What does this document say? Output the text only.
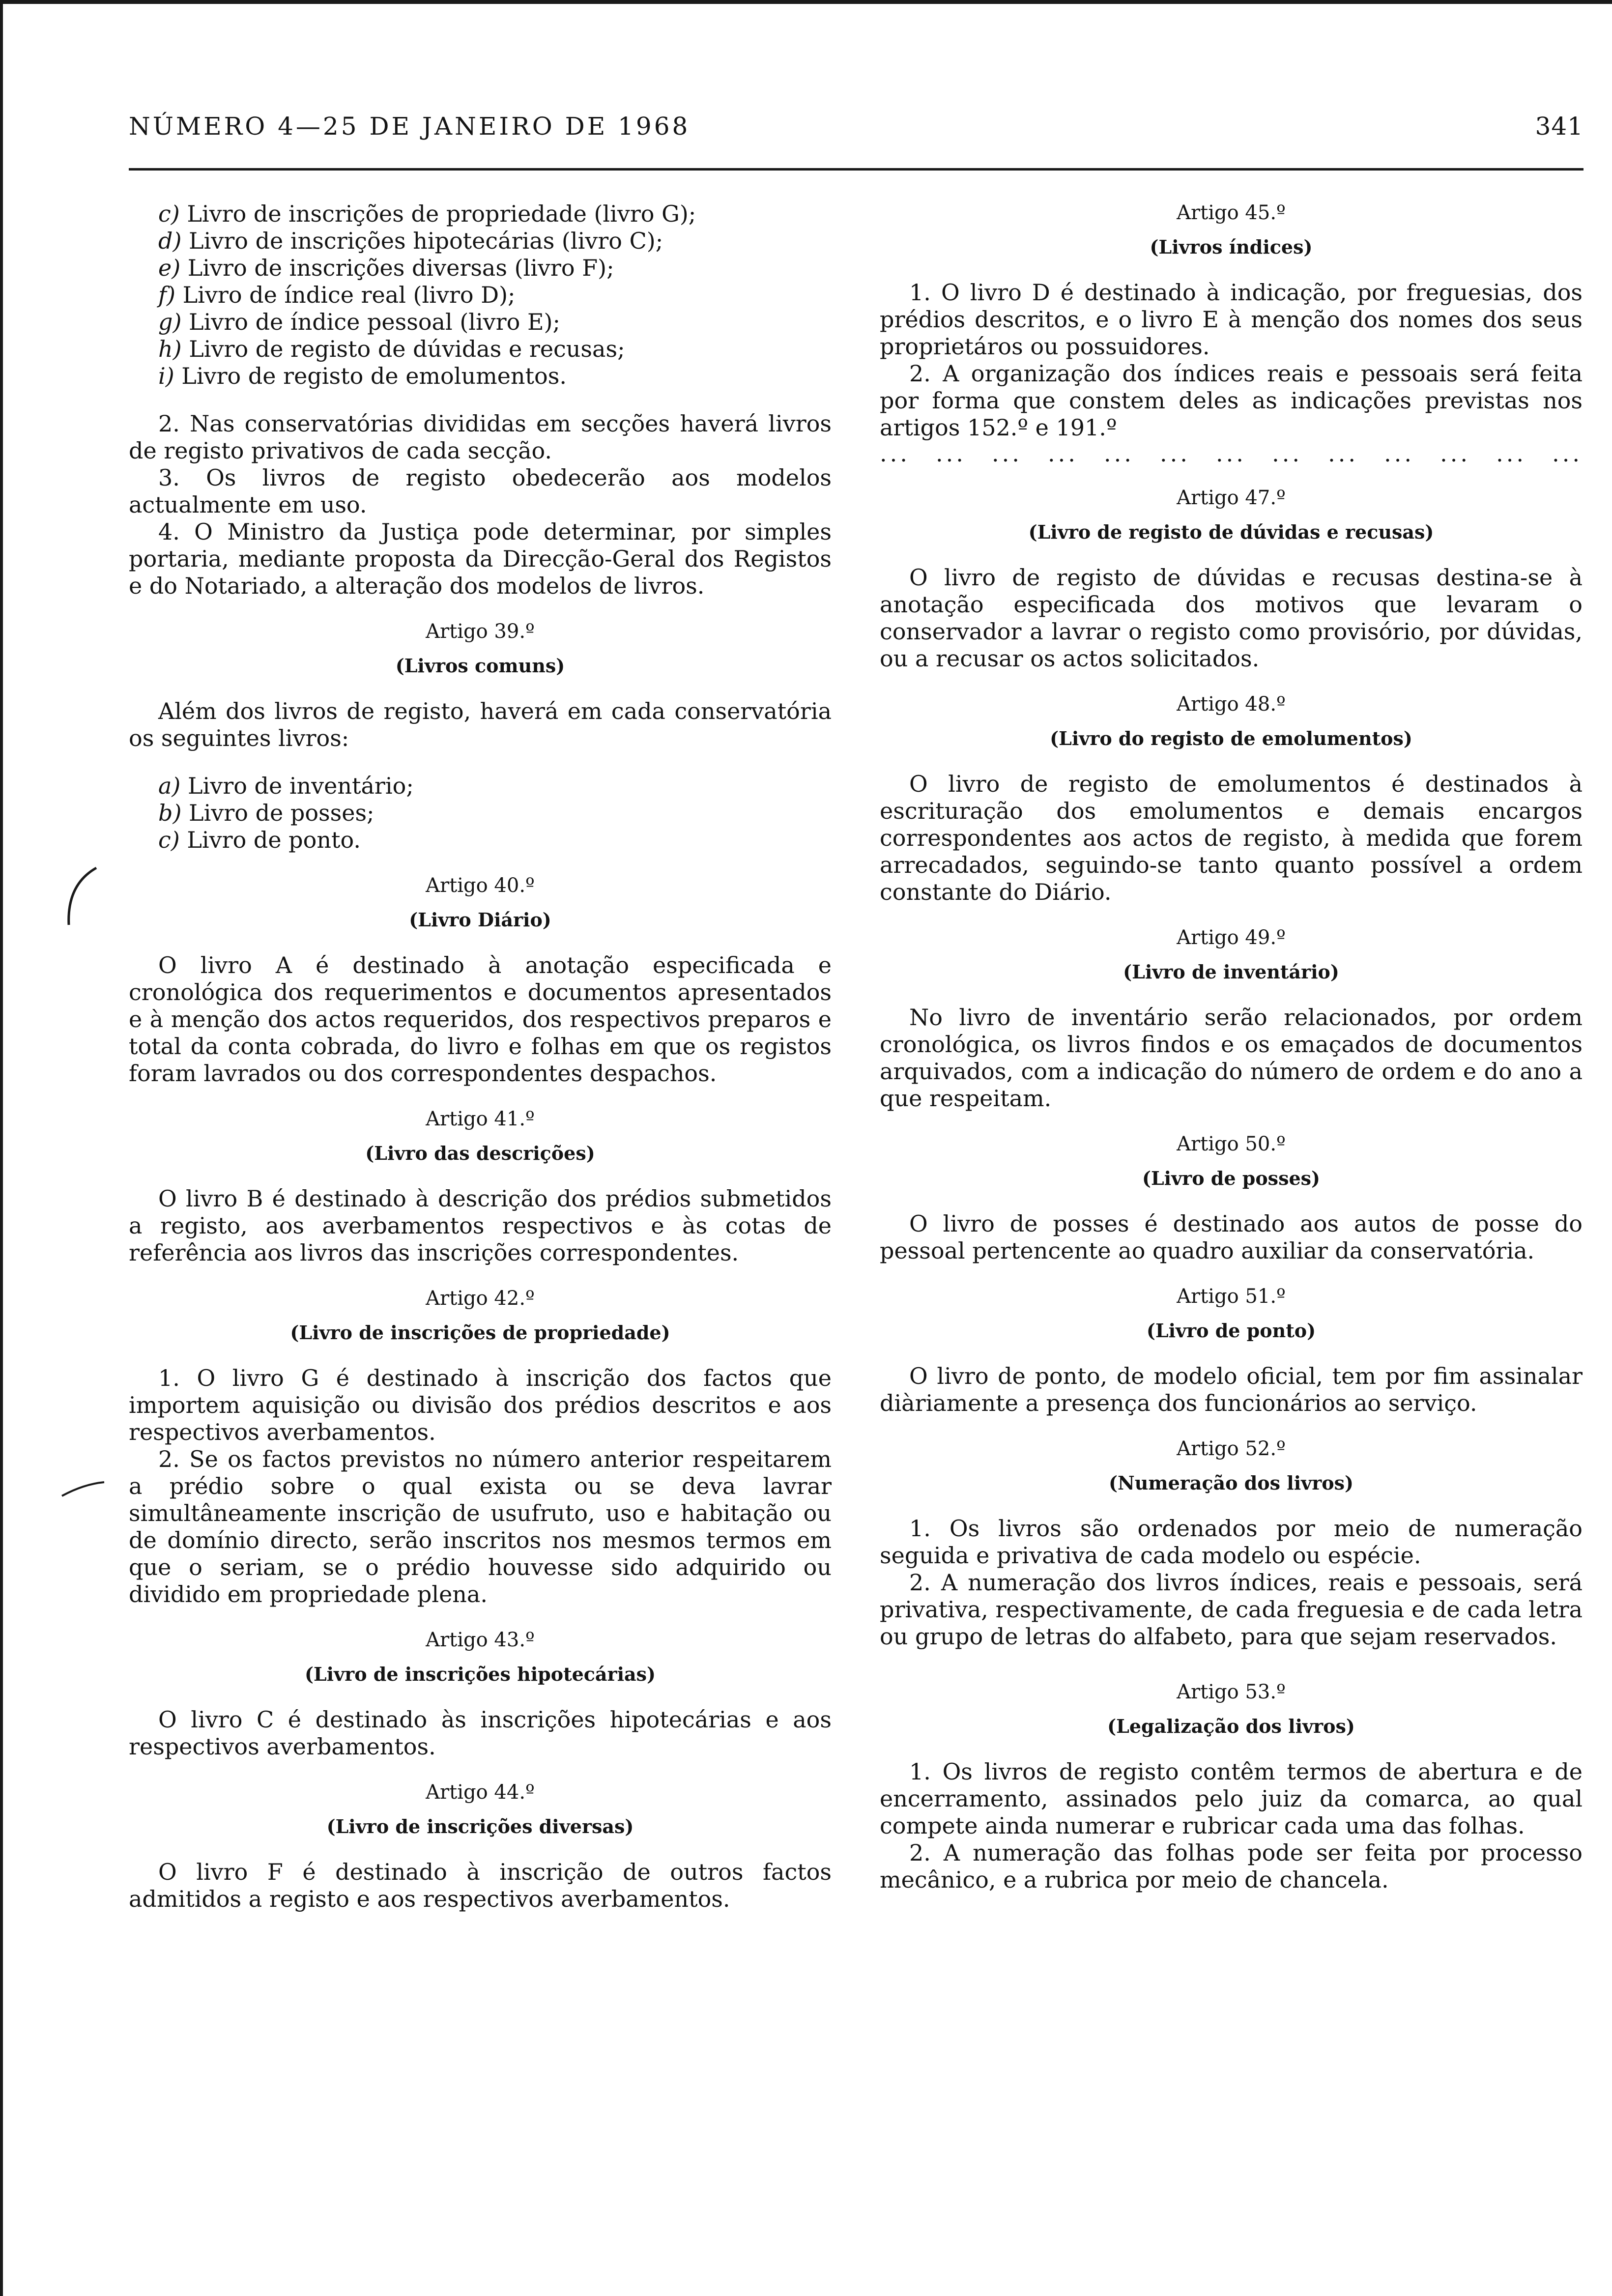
NÚMERO 4—25 DE JANEIRO DE 1968	341

c) Livro de inscrições de propriedade (livro G);

d) Livro de inscrições hipotecárias (livro C);

e) Livro de inscrições diversas (livro F);

f) Livro de índice real (livro D);

g) Livro de índice pessoal (livro E);

h) Livro de registo de dúvidas e recusas;

i) Livro de registo de emolumentos.

2. Nas conservatórias divididas em secções haverá livros de registo privativos de cada secção.

3. Os livros de registo obedecerão aos modelos actualmente em uso.

4. O Ministro da Justiça pode determinar, por simples portaria, mediante proposta da Direcção-Geral dos Registos e do Notariado, a alteração dos modelos de livros.

Artigo 39.º
(Livros comuns)

Além dos livros de registo, haverá em cada conservatória os seguintes livros:

a) Livro de inventário;

b) Livro de posses;

c) Livro de ponto.

Artigo 40.º
(Livro Diário)

O livro A é destinado à anotação especificada e cronológica dos requerimentos e documentos apresentados e à menção dos actos requeridos, dos respectivos preparos e total da conta cobrada, do livro e folhas em que os registos foram lavrados ou dos correspondentes despachos.

Artigo 41.º
(Livro das descrições)

O livro B é destinado à descrição dos prédios submetidos a registo, aos averbamentos respectivos e às cotas de referência aos livros das inscrições correspondentes.

Artigo 42.º
(Livro de inscrições de propriedade)

1. O livro G é destinado à inscrição dos factos que importem aquisição ou divisão dos prédios descritos e aos respectivos averbamentos.

2. Se os factos previstos no número anterior respeitarem a prédio sobre o qual exista ou se deva lavrar simultâneamente inscrição de usufruto, uso e habitação ou de domínio directo, serão inscritos nos mesmos termos em que o seriam, se o prédio houvesse sido adquirido ou dividido em propriedade plena.

Artigo 43.º
(Livro de inscrições hipotecárias)

O livro C é destinado às inscrições hipotecárias e aos respectivos averbamentos.

Artigo 44.º
(Livro de inscrições diversas)

O livro F é destinado à inscrição de outros factos admitidos a registo e aos respectivos averbamentos.

Artigo 45.º
(Livros índices)

1. O livro D é destinado à indicação, por freguesias, dos prédios descritos, e o livro E à menção dos nomes dos seus proprietáros ou possuidores.

2. A organização dos índices reais e pessoais será feita por forma que constem deles as indicações previstas nos artigos 152.º e 191.º

... ... ... ... ... ... ... ... ... ... ... ... ...
Artigo 47.º
(Livro de registo de dúvidas e recusas)

O livro de registo de dúvidas e recusas destina-se à anotação especificada dos motivos que levaram o conservador a lavrar o registo como provisório, por dúvidas, ou a recusar os actos solicitados.

Artigo 48.º
(Livro do registo de emolumentos)

O livro de registo de emolumentos é destinados à escrituração dos emolumentos e demais encargos correspondentes aos actos de registo, à medida que forem arrecadados, seguindo-se tanto quanto possível a ordem constante do Diário.

Artigo 49.º
(Livro de inventário)

No livro de inventário serão relacionados, por ordem cronológica, os livros findos e os emaçados de documentos arquivados, com a indicação do número de ordem e do ano a que respeitam.

Artigo 50.º
(Livro de posses)

O livro de posses é destinado aos autos de posse do pessoal pertencente ao quadro auxiliar da conservatória.

Artigo 51.º
(Livro de ponto)

O livro de ponto, de modelo oficial, tem por fim assinalar diàriamente a presença dos funcionários ao serviço.

Artigo 52.º
(Numeração dos livros)

1. Os livros são ordenados por meio de numeração seguida e privativa de cada modelo ou espécie.

2. A numeração dos livros índices, reais e pessoais, será privativa, respectivamente, de cada freguesia e de cada letra ou grupo de letras do alfabeto, para que sejam reservados.

Artigo 53.º
(Legalização dos livros)

1. Os livros de registo contêm termos de abertura e de encerramento, assinados pelo juiz da comarca, ao qual compete ainda numerar e rubricar cada uma das folhas.

2. A numeração das folhas pode ser feita por processo mecânico, e a rubrica por meio de chancela.
